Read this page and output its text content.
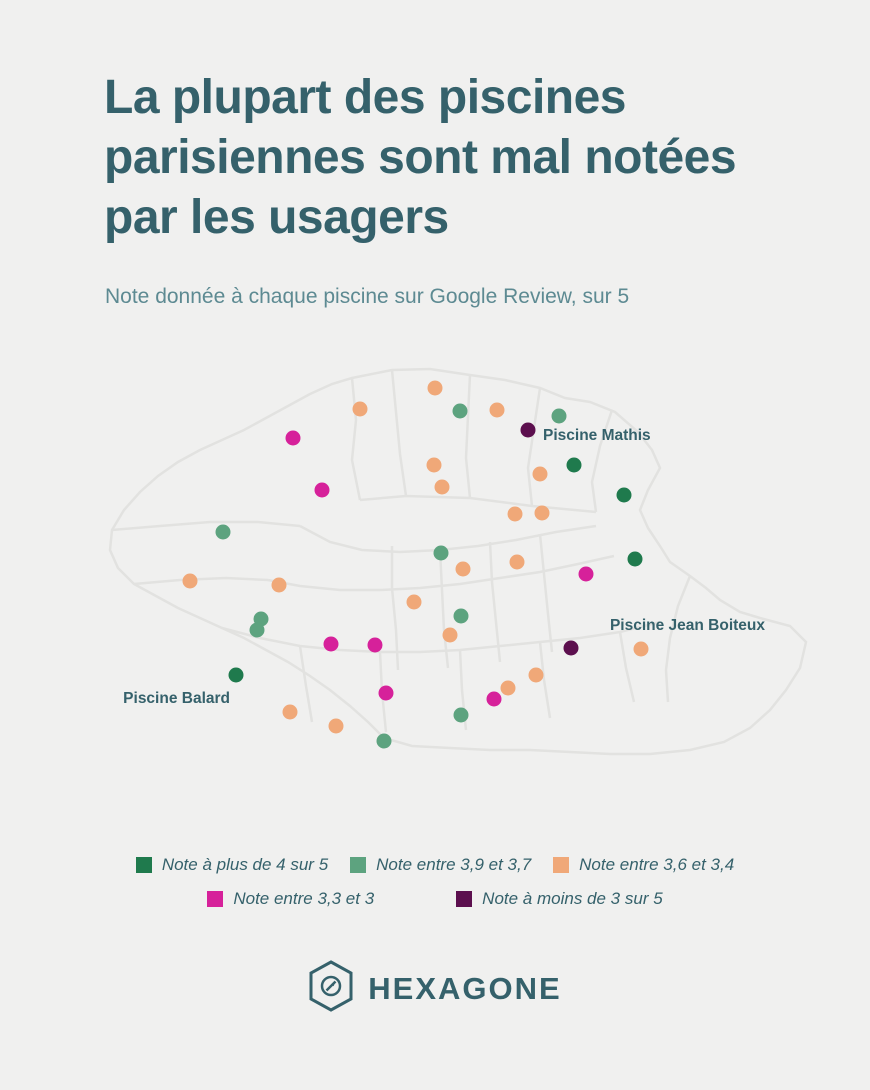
La plupart des piscines parisiennes sont mal notées par les usagers
Note donnée à chaque piscine sur Google Review, sur 5
Piscine Mathis
Piscine Jean Boiteux
Piscine Balard
Note à plus de 4 sur 5	Note entre 3,9 et 3,7	Note entre 3,6 et 3,4
Note entre 3,3 et 3	Note à moins de 3 sur 5
HEXAGONE
